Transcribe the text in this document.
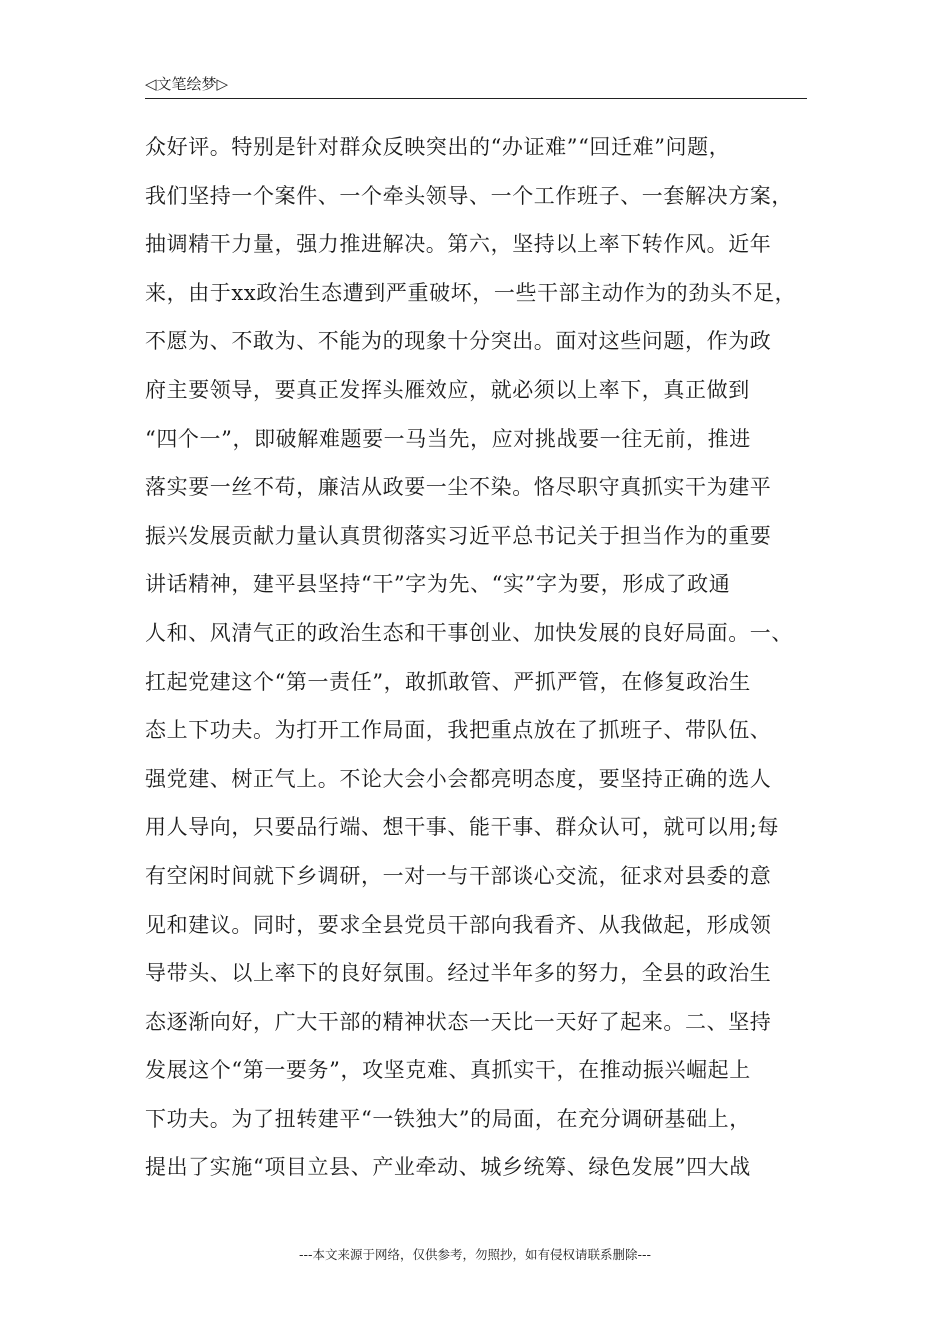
◁文笔绘梦▷
众好评。特别是针对群众反映突出的“办证难”“回迁难”问题，
我们坚持一个案件、一个牵头领导、一个工作班子、一套解决方案，
抽调精干力量，强力推进解决。第六，坚持以上率下转作风。近年
来，由于xx政治生态遭到严重破坏，一些干部主动作为的劲头不足，
不愿为、不敢为、不能为的现象十分突出。面对这些问题，作为政
府主要领导，要真正发挥头雁效应，就必须以上率下，真正做到
“四个一”，即破解难题要一马当先，应对挑战要一往无前，推进
落实要一丝不苟，廉洁从政要一尘不染。恪尽职守真抓实干为建平
振兴发展贡献力量认真贯彻落实习近平总书记关于担当作为的重要
讲话精神，建平县坚持“干”字为先、“实”字为要，形成了政通
人和、风清气正的政治生态和干事创业、加快发展的良好局面。一、
扛起党建这个“第一责任”，敢抓敢管、严抓严管，在修复政治生
态上下功夫。为打开工作局面，我把重点放在了抓班子、带队伍、
强党建、树正气上。不论大会小会都亮明态度，要坚持正确的选人
用人导向，只要品行端、想干事、能干事、群众认可，就可以用;每
有空闲时间就下乡调研，一对一与干部谈心交流，征求对县委的意
见和建议。同时，要求全县党员干部向我看齐、从我做起，形成领
导带头、以上率下的良好氛围。经过半年多的努力，全县的政治生
态逐渐向好，广大干部的精神状态一天比一天好了起来。二、坚持
发展这个“第一要务”，攻坚克难、真抓实干，在推动振兴崛起上
下功夫。为了扭转建平“一铁独大”的局面，在充分调研基础上，
提出了实施“项目立县、产业牵动、城乡统筹、绿色发展”四大战
---本文来源于网络，仅供参考，勿照抄，如有侵权请联系删除---
